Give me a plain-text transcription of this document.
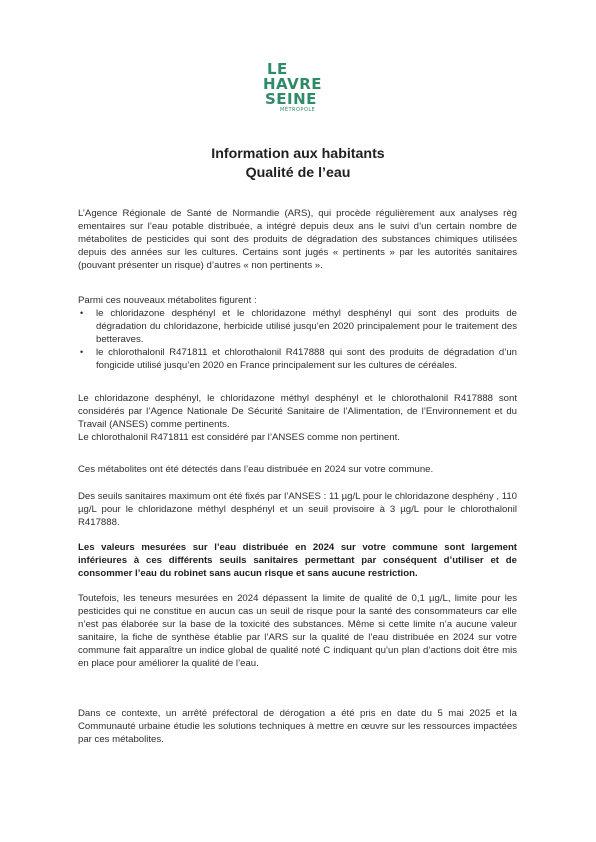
LE
HAVRE
SEINE
MÉTROPOLE
Information aux habitants
Qualité de l’eau
L’Agence Régionale de Santé de Normandie (ARS), qui procède régulièrement aux analyses règ ementaires sur l’eau potable distribuée, a intégré depuis deux ans le suivi d’un certain nombre de métabolites de pesticides qui sont des produits de dégradation des substances chimiques utilisées depuis des années sur les cultures. Certains sont jugés « pertinents » par les autorités sanitaires (pouvant présenter un risque) d’autres « non pertinents ».
Parmi ces nouveaux métabolites figurent :
• le chloridazone desphényl et le chloridazone méthyl desphényl qui sont des produits de dégradation du chloridazone, herbicide utilisé jusqu’en 2020 principalement pour le traitement des betteraves.
• le chlorothalonil R471811 et chlorothalonil R417888 qui sont des produits de dégradation d’un fongicide utilisé jusqu’en 2020 en France principalement sur les cultures de céréales.
Le chloridazone desphényl, le chloridazone méthyl desphényl et le chlorothalonil R417888 sont considérés par l’Agence Nationale De Sécurité Sanitaire de l’Alimentation, de l’Environnement et du Travail (ANSES) comme pertinents.
Le chlorothalonil R471811 est considéré par l’ANSES comme non pertinent.
Ces métabolites ont été détectés dans l’eau distribuée en 2024 sur votre commune.
Des seuils sanitaires maximum ont été fixés par l’ANSES : 11 µg/L pour le chloridazone desphény , 110 µg/L pour le chloridazone méthyl desphényl et un seuil provisoire à 3 µg/L pour le chlorothalonil R417888.
Les valeurs mesurées sur l’eau distribuée en 2024 sur votre commune sont largement inférieures à ces différents seuils sanitaires permettant par conséquent d’utiliser et de consommer l’eau du robinet sans aucun risque et sans aucune restriction.
Toutefois, les teneurs mesurées en 2024 dépassent la limite de qualité de 0,1 µg/L, limite pour les pesticides qui ne constitue en aucun cas un seuil de risque pour la santé des consommateurs car elle n’est pas élaborée sur la base de la toxicité des substances. Même si cette limite n’a aucune valeur sanitaire, la fiche de synthèse établie par l’ARS sur la qualité de l’eau distribuée en 2024 sur votre commune fait apparaître un indice global de qualité noté C indiquant qu’un plan d’actions doit être mis en place pour améliorer la qualité de l’eau.
Dans ce contexte, un arrêté préfectoral de dérogation a été pris en date du 5 mai 2025 et la Communauté urbaine étudie les solutions techniques à mettre en œuvre sur les ressources impactées par ces métabolites.
